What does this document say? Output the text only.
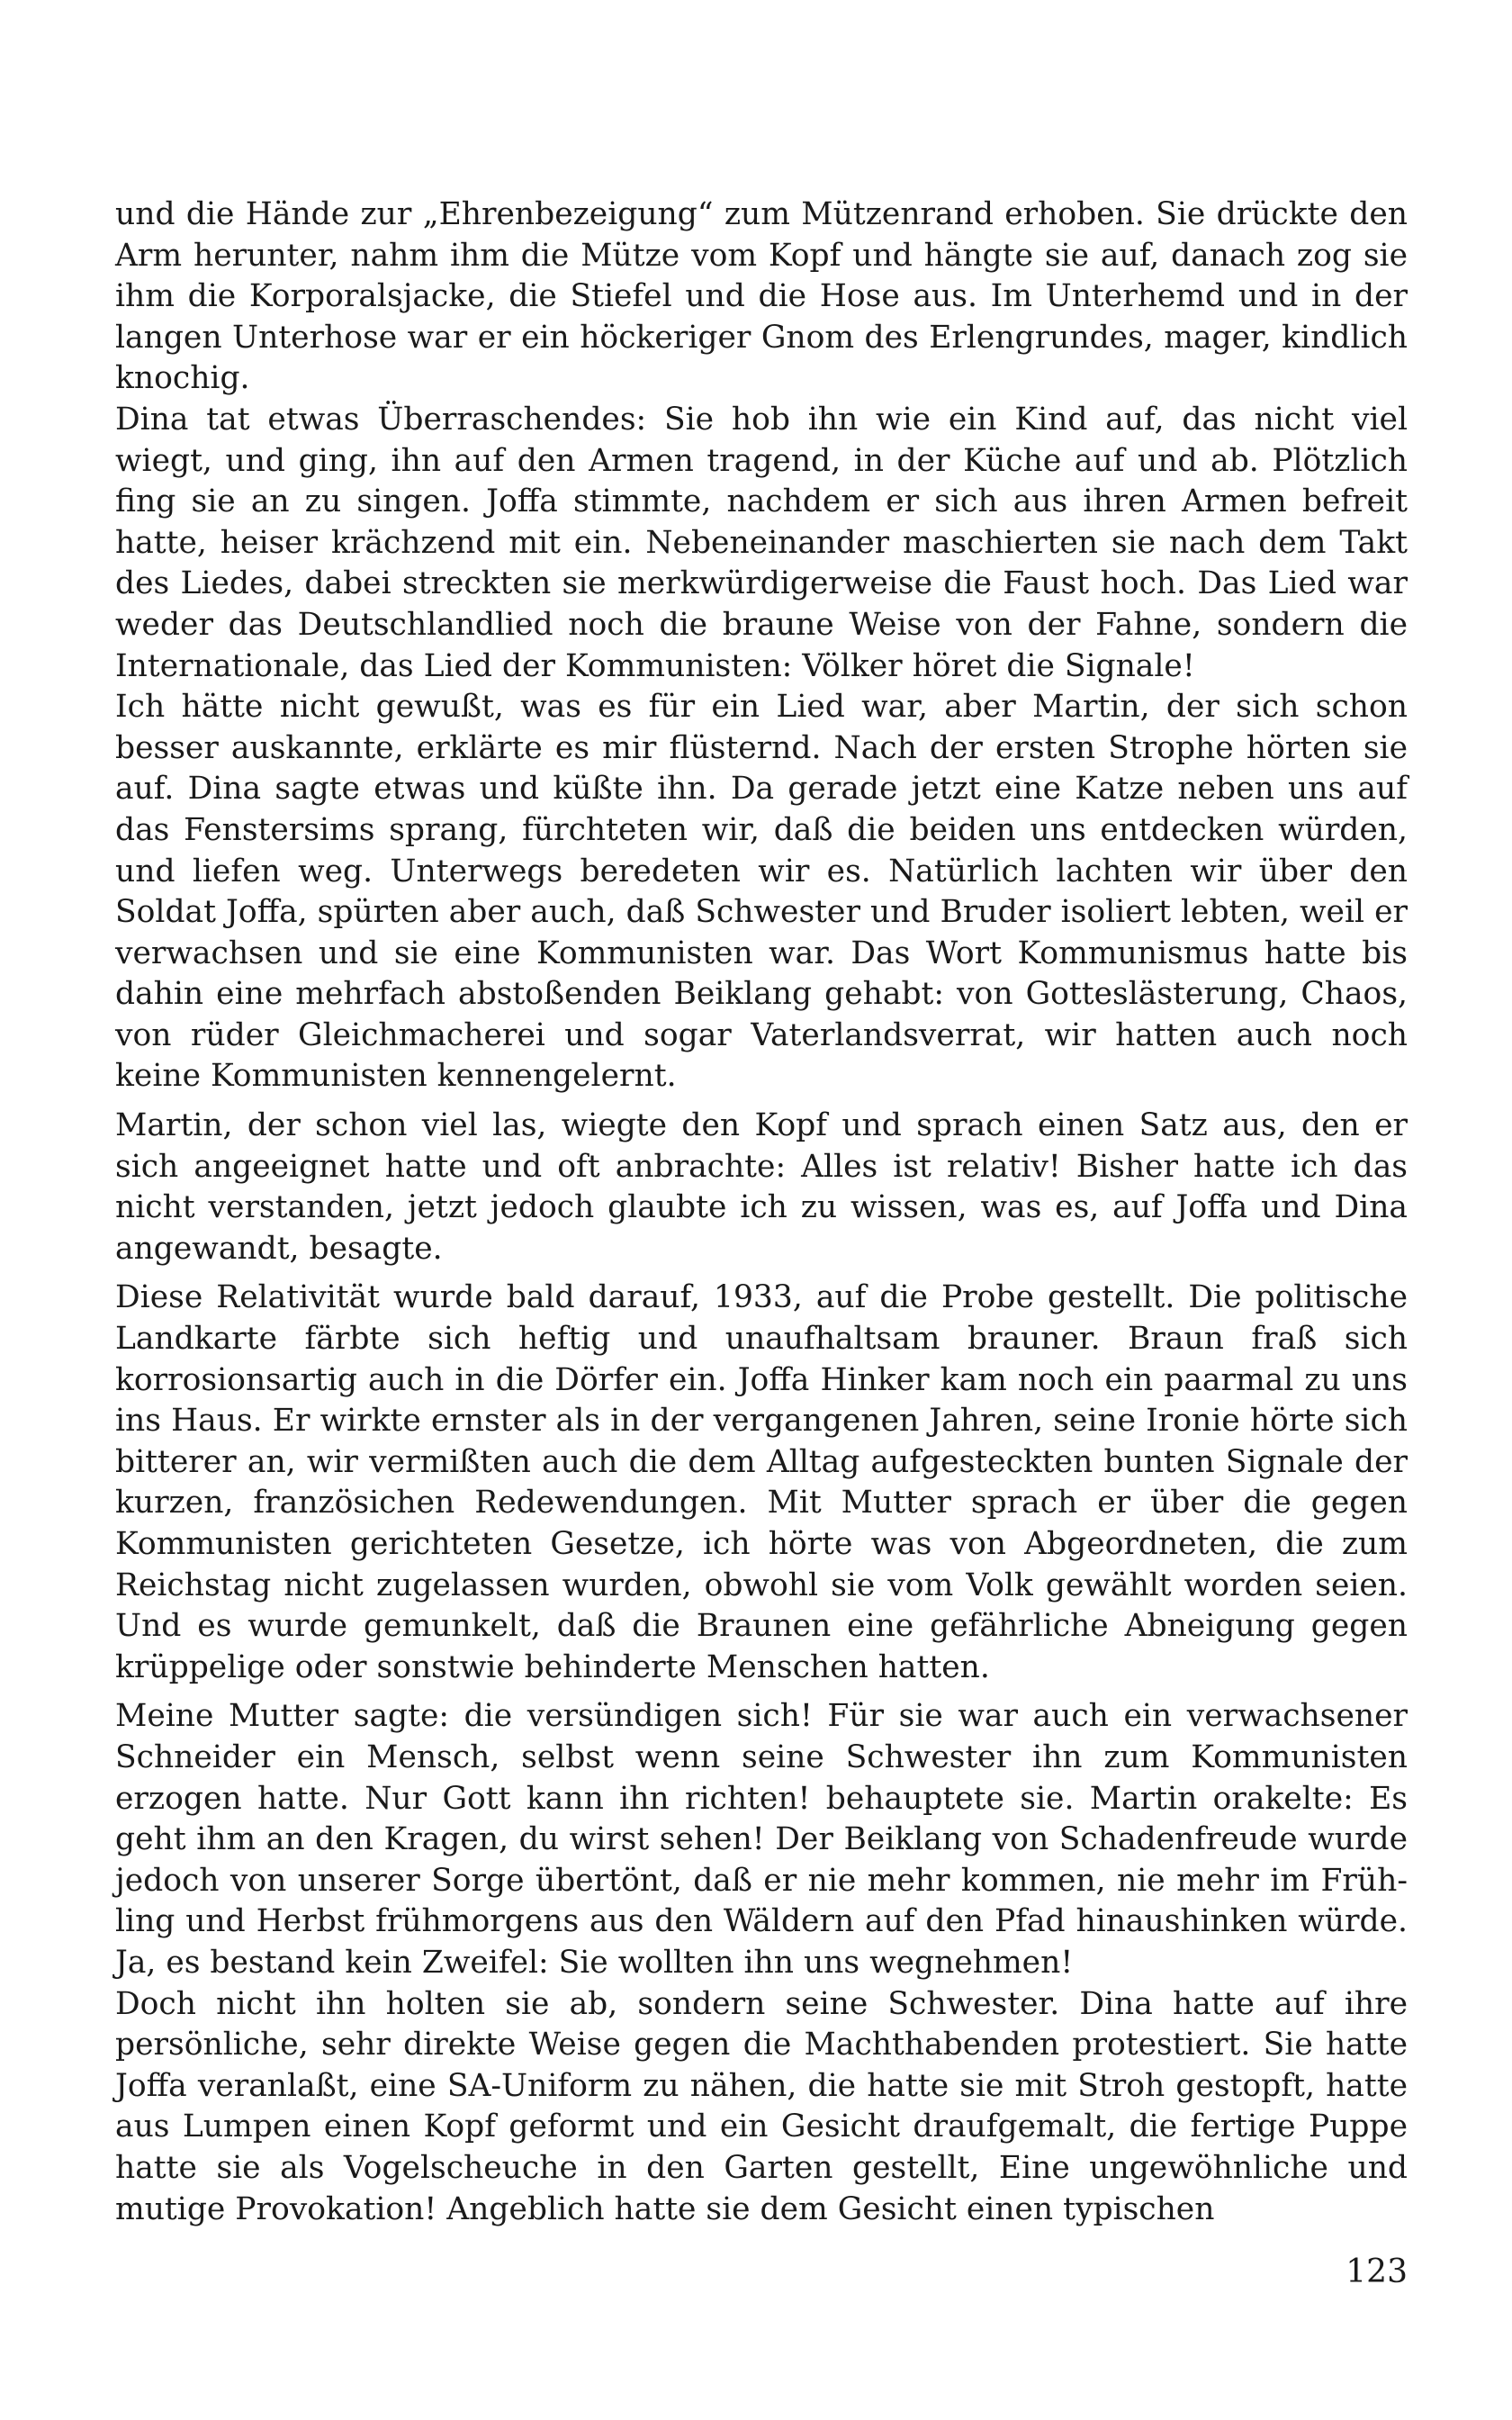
und die Hände zur „Ehrenbezeigung“ zum Mützenrand erhoben. Sie drückte den Arm herunter, nahm ihm die Mütze vom Kopf und hängte sie auf, danach zog sie ihm die Korporalsjacke, die Stiefel und die Hose aus. Im Unterhemd und in der langen Unterhose war er ein höckeriger Gnom des Erlengrundes, mager, kindlich knochig.

Dina tat etwas Überraschendes: Sie hob ihn wie ein Kind auf, das nicht viel wiegt, und ging, ihn auf den Armen tragend, in der Küche auf und ab. Plötzlich fing sie an zu singen. Joffa stimmte, nachdem er sich aus ihren Armen befreit hatte, heiser krächzend mit ein. Nebeneinander maschierten sie nach dem Takt des Liedes, dabei streckten sie merkwürdigerweise die Faust hoch. Das Lied war weder das Deutschlandlied noch die braune Weise von der Fahne, sondern die Internationale, das Lied der Kommunisten: Völker höret die Signale!

Ich hätte nicht gewußt, was es für ein Lied war, aber Martin, der sich schon besser auskannte, erklärte es mir flüsternd. Nach der ersten Strophe hörten sie auf. Dina sagte etwas und küßte ihn. Da gerade jetzt eine Katze neben uns auf das Fenstersims sprang, fürchteten wir, daß die beiden uns entdecken würden, und liefen weg. Unterwegs beredeten wir es. Natürlich lachten wir über den Soldat Joffa, spürten aber auch, daß Schwester und Bruder isoliert lebten, weil er verwachsen und sie eine Kommunisten war. Das Wort Kommunismus hatte bis dahin eine mehrfach abstoßenden Beiklang gehabt: von Gotteslästerung, Chaos, von rüder Gleichmacherei und sogar Vaterlandsverrat, wir hatten auch noch keine Kommunisten kennengelernt.

Martin, der schon viel las, wiegte den Kopf und sprach einen Satz aus, den er sich angeeignet hatte und oft anbrachte: Alles ist relativ! Bisher hatte ich das nicht verstanden, jetzt jedoch glaubte ich zu wissen, was es, auf Joffa und Dina angewandt, besagte.

Diese Relativität wurde bald darauf, 1933, auf die Probe gestellt. Die politische Landkarte färbte sich heftig und unaufhaltsam brauner. Braun fraß sich korrosionsartig auch in die Dörfer ein. Joffa Hinker kam noch ein paarmal zu uns ins Haus. Er wirkte ernster als in der vergangenen Jahren, seine Ironie hörte sich bitterer an, wir vermißten auch die dem Alltag aufgesteckten bunten Signale der kurzen, französichen Redewendungen. Mit Mutter sprach er über die gegen Kommunisten gerichteten Gesetze, ich hörte was von Abgeordneten, die zum Reichstag nicht zugelassen wurden, obwohl sie vom Volk gewählt worden seien. Und es wurde gemunkelt, daß die Braunen eine gefährliche Abneigung gegen krüppelige oder sonstwie behinderte Menschen hatten.

Meine Mutter sagte: die versündigen sich! Für sie war auch ein verwachsener Schneider ein Mensch, selbst wenn seine Schwester ihn zum Kommunisten erzogen hatte. Nur Gott kann ihn richten! behauptete sie. Martin orakelte: Es geht ihm an den Kragen, du wirst sehen! Der Beiklang von Schadenfreude wurde jedoch von unserer Sorge übertönt, daß er nie mehr kommen, nie mehr im Frühling und Herbst frühmorgens aus den Wäldern auf den Pfad hinaushinken würde. Ja, es bestand kein Zweifel: Sie wollten ihn uns wegnehmen!

Doch nicht ihn holten sie ab, sondern seine Schwester. Dina hatte auf ihre persönliche, sehr direkte Weise gegen die Machthabenden protestiert. Sie hatte Joffa veranlaßt, eine SA-Uniform zu nähen, die hatte sie mit Stroh gestopft, hatte aus Lumpen einen Kopf geformt und ein Gesicht draufgemalt, die fertige Puppe hatte sie als Vogelscheuche in den Garten gestellt, Eine ungewöhnliche und mutige Provokation! Angeblich hatte sie dem Gesicht einen typischen

123
